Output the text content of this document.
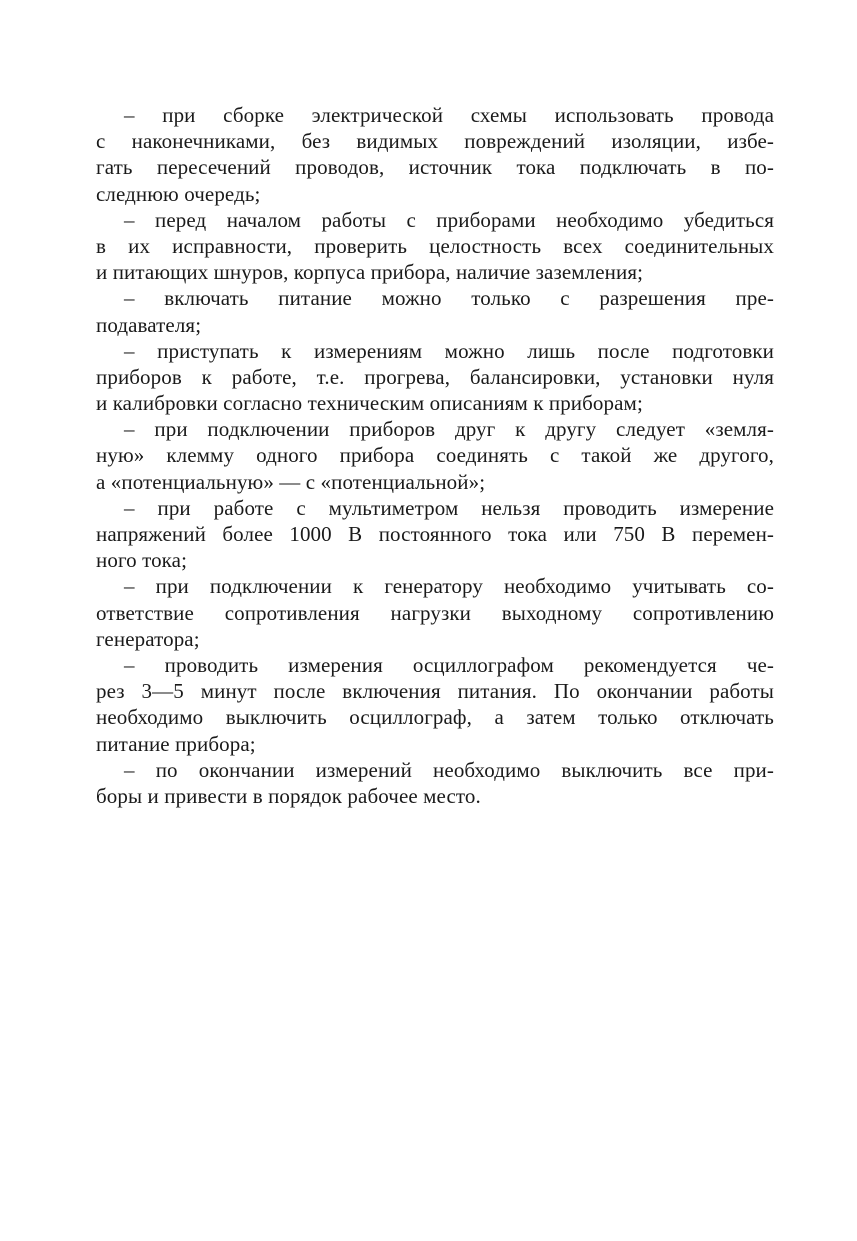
– при сборке электрической схемы использовать провода
с наконечниками, без видимых повреждений изоляции, избе-
гать пересечений проводов, источник тока подключать в по-
следнюю очередь;
– перед началом работы с приборами необходимо убедиться
в их исправности, проверить целостность всех соединительных
и питающих шнуров, корпуса прибора, наличие заземления;
– включать питание можно только с разрешения пре-
подавателя;
– приступать к измерениям можно лишь после подготовки
приборов к работе, т.е. прогрева, балансировки, установки нуля
и калибровки согласно техническим описаниям к приборам;
– при подключении приборов друг к другу следует «земля-
ную» клемму одного прибора соединять с такой же другого,
а «потенциальную» — с «потенциальной»;
– при работе с мультиметром нельзя проводить измерение
напряжений более 1000 В постоянного тока или 750 В перемен-
ного тока;
– при подключении к генератору необходимо учитывать со-
ответствие сопротивления нагрузки выходному сопротивлению
генератора;
– проводить измерения осциллографом рекомендуется че-
рез 3—5 минут после включения питания. По окончании работы
необходимо выключить осциллограф, а затем только отключать
питание прибора;
– по окончании измерений необходимо выключить все при-
боры и привести в порядок рабочее место.
